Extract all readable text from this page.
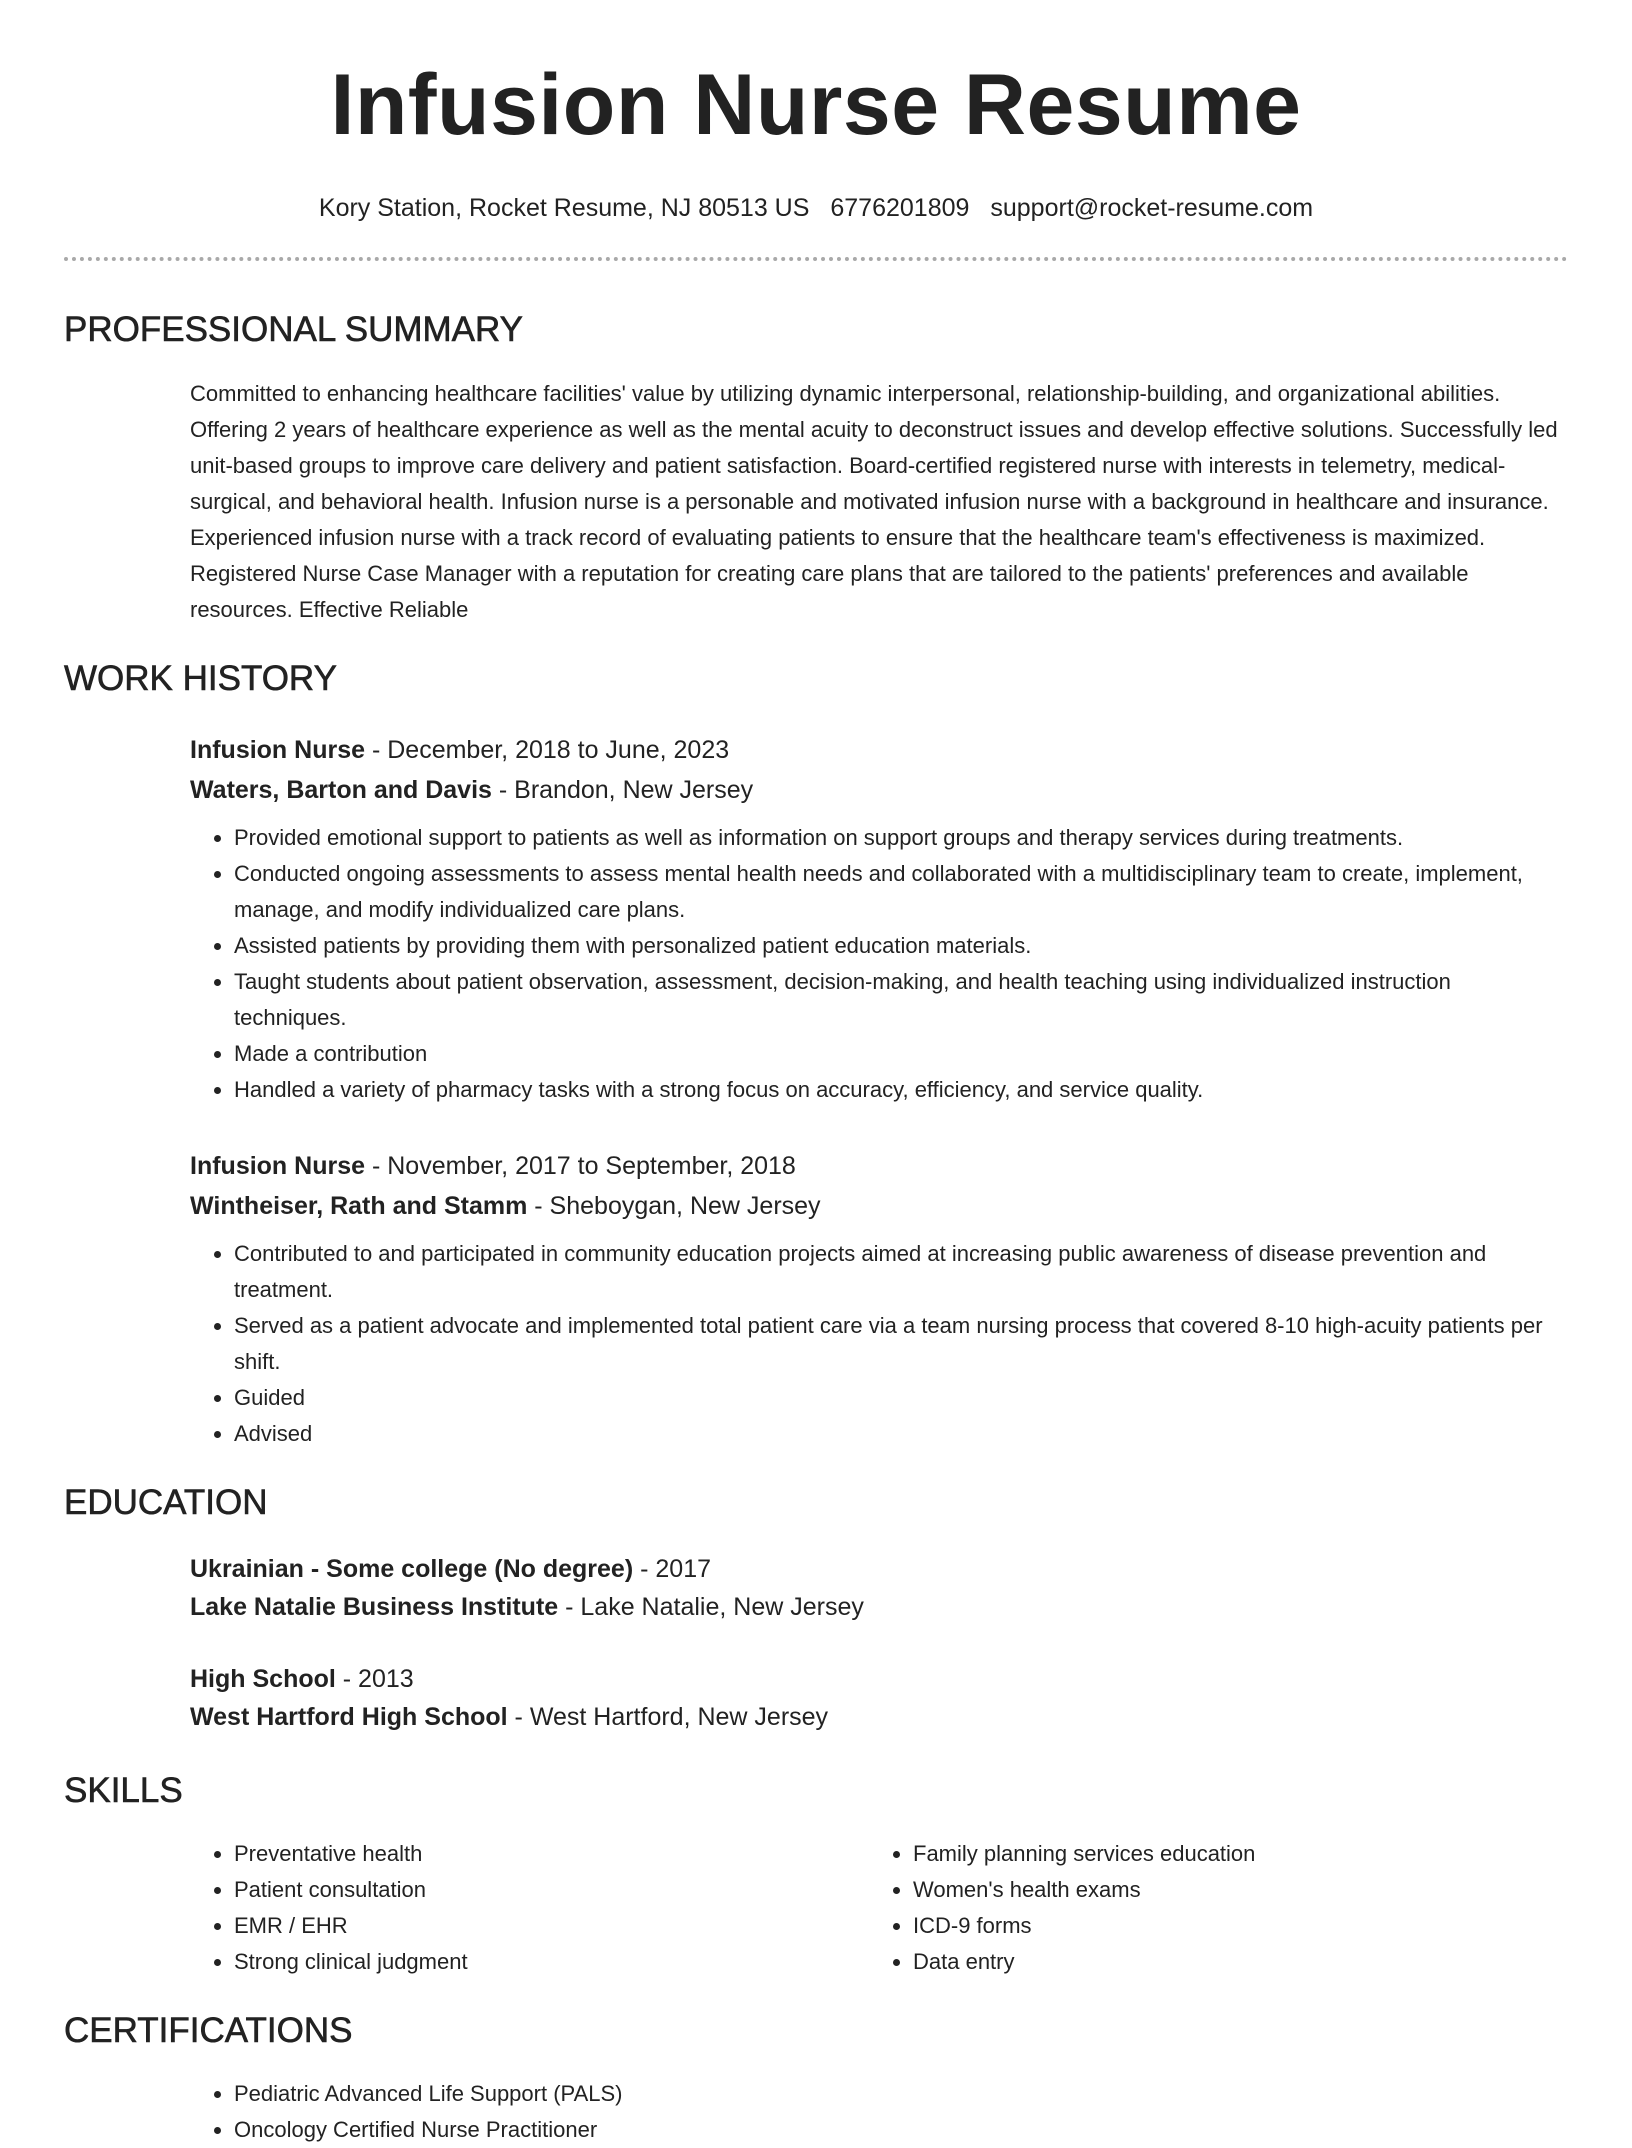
Infusion Nurse Resume
Kory Station, Rocket Resume, NJ 80513 US 6776201809 support@rocket-resume.com
PROFESSIONAL SUMMARY
Committed to enhancing healthcare facilities' value by utilizing dynamic interpersonal, relationship-building, and organizational abilities. Offering 2 years of healthcare experience as well as the mental acuity to deconstruct issues and develop effective solutions. Successfully led unit-based groups to improve care delivery and patient satisfaction. Board-certified registered nurse with interests in telemetry, medical-surgical, and behavioral health. Infusion nurse is a personable and motivated infusion nurse with a background in healthcare and insurance. Experienced infusion nurse with a track record of evaluating patients to ensure that the healthcare team's effectiveness is maximized. Registered Nurse Case Manager with a reputation for creating care plans that are tailored to the patients' preferences and available resources. Effective Reliable
WORK HISTORY
Infusion Nurse - December, 2018 to June, 2023
Waters, Barton and Davis - Brandon, New Jersey
• Provided emotional support to patients as well as information on support groups and therapy services during treatments.
• Conducted ongoing assessments to assess mental health needs and collaborated with a multidisciplinary team to create, implement, manage, and modify individualized care plans.
• Assisted patients by providing them with personalized patient education materials.
• Taught students about patient observation, assessment, decision-making, and health teaching using individualized instruction techniques.
• Made a contribution
• Handled a variety of pharmacy tasks with a strong focus on accuracy, efficiency, and service quality.
Infusion Nurse - November, 2017 to September, 2018
Wintheiser, Rath and Stamm - Sheboygan, New Jersey
• Contributed to and participated in community education projects aimed at increasing public awareness of disease prevention and treatment.
• Served as a patient advocate and implemented total patient care via a team nursing process that covered 8-10 high-acuity patients per shift.
• Guided
• Advised
EDUCATION
Ukrainian - Some college (No degree) - 2017
Lake Natalie Business Institute - Lake Natalie, New Jersey
High School - 2013
West Hartford High School - West Hartford, New Jersey
SKILLS
• Preventative health
• Patient consultation
• EMR / EHR
• Strong clinical judgment
• Family planning services education
• Women's health exams
• ICD-9 forms
• Data entry
CERTIFICATIONS
• Pediatric Advanced Life Support (PALS)
• Oncology Certified Nurse Practitioner
